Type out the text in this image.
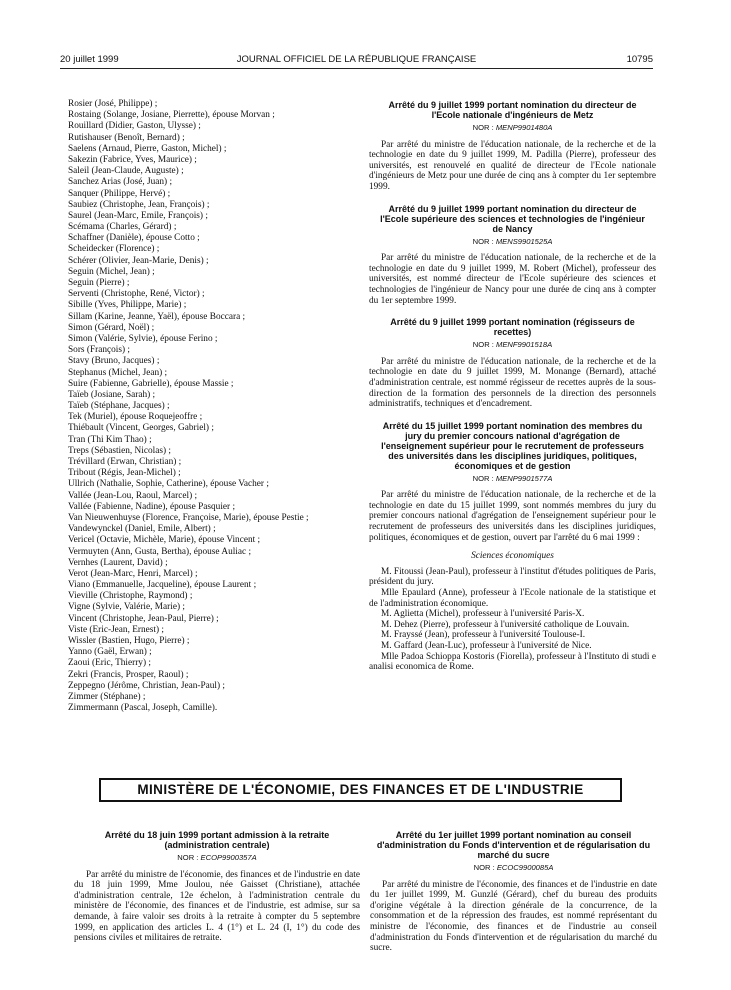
20 juillet 1999	JOURNAL OFFICIEL DE LA RÉPUBLIQUE FRANÇAISE	10795
Rosier (José, Philippe) ;
Rostaing (Solange, Josiane, Pierrette), épouse Morvan ;
Rouillard (Didier, Gaston, Ulysse) ;
Rutishauser (Benoît, Bernard) ;
Saelens (Arnaud, Pierre, Gaston, Michel) ;
Sakezin (Fabrice, Yves, Maurice) ;
Saleil (Jean-Claude, Auguste) ;
Sanchez Arias (José, Juan) ;
Sanquer (Philippe, Hervé) ;
Saubiez (Christophe, Jean, François) ;
Saurel (Jean-Marc, Emile, François) ;
Scémama (Charles, Gérard) ;
Schaffner (Danièle), épouse Cotto ;
Scheidecker (Florence) ;
Schérer (Olivier, Jean-Marie, Denis) ;
Seguin (Michel, Jean) ;
Seguin (Pierre) ;
Serventi (Christophe, René, Victor) ;
Sibille (Yves, Philippe, Marie) ;
Sillam (Karine, Jeanne, Yaël), épouse Boccara ;
Simon (Gérard, Noël) ;
Simon (Valérie, Sylvie), épouse Ferino ;
Sors (François) ;
Stavy (Bruno, Jacques) ;
Stephanus (Michel, Jean) ;
Suire (Fabienne, Gabrielle), épouse Massie ;
Taïeb (Josiane, Sarah) ;
Taïeb (Stéphane, Jacques) ;
Tek (Muriel), épouse Roquejeoffre ;
Thiébault (Vincent, Georges, Gabriel) ;
Tran (Thi Kim Thao) ;
Treps (Sébastien, Nicolas) ;
Trévillard (Erwan, Christian) ;
Tribout (Régis, Jean-Michel) ;
Ullrich (Nathalie, Sophie, Catherine), épouse Vacher ;
Vallée (Jean-Lou, Raoul, Marcel) ;
Vallée (Fabienne, Nadine), épouse Pasquier ;
Van Nieuwenhuyse (Florence, Françoise, Marie), épouse Pestie ;
Vandewynckel (Daniel, Emile, Albert) ;
Vericel (Octavie, Michèle, Marie), épouse Vincent ;
Vermuyten (Ann, Gusta, Bertha), épouse Auliac ;
Vernhes (Laurent, David) ;
Verot (Jean-Marc, Henri, Marcel) ;
Viano (Emmanuelle, Jacqueline), épouse Laurent ;
Vieville (Christophe, Raymond) ;
Vigne (Sylvie, Valérie, Marie) ;
Vincent (Christophe, Jean-Paul, Pierre) ;
Viste (Eric-Jean, Ernest) ;
Wissler (Bastien, Hugo, Pierre) ;
Yanno (Gaël, Erwan) ;
Zaoui (Eric, Thierry) ;
Zekri (Francis, Prosper, Raoul) ;
Zeppegno (Jérôme, Christian, Jean-Paul) ;
Zimmer (Stéphane) ;
Zimmermann (Pascal, Joseph, Camille).
Arrêté du 9 juillet 1999 portant nomination du directeur de l'Ecole nationale d'ingénieurs de Metz
NOR : MENP9901480A

Par arrêté du ministre de l'éducation nationale, de la recherche et de la technologie en date du 9 juillet 1999, M. Padilla (Pierre), professeur des universités, est renouvelé en qualité de directeur de l'Ecole nationale d'ingénieurs de Metz pour une durée de cinq ans à compter du 1er septembre 1999.

Arrêté du 9 juillet 1999 portant nomination du directeur de l'Ecole supérieure des sciences et technologies de l'ingénieur de Nancy
NOR : MENS9901525A

Par arrêté du ministre de l'éducation nationale, de la recherche et de la technologie en date du 9 juillet 1999, M. Robert (Michel), professeur des universités, est nommé directeur de l'Ecole supérieure des sciences et technologies de l'ingénieur de Nancy pour une durée de cinq ans à compter du 1er septembre 1999.

Arrêté du 9 juillet 1999 portant nomination (régisseurs de recettes)
NOR : MENF9901518A

Par arrêté du ministre de l'éducation nationale, de la recherche et de la technologie en date du 9 juillet 1999, M. Monange (Bernard), attaché d'administration centrale, est nommé régisseur de recettes auprès de la sous-direction de la formation des personnels de la direction des personnels administratifs, techniques et d'encadrement.

Arrêté du 15 juillet 1999 portant nomination des membres du jury du premier concours national d'agrégation de l'enseignement supérieur pour le recrutement de professeurs des universités dans les disciplines juridiques, politiques, économiques et de gestion
NOR : MENP9901577A

Par arrêté du ministre de l'éducation nationale, de la recherche et de la technologie en date du 15 juillet 1999, sont nommés membres du jury du premier concours national d'agrégation de l'enseignement supérieur pour le recrutement de professeurs des universités dans les disciplines juridiques, politiques, économiques et de gestion, ouvert par l'arrêté du 6 mai 1999 :

Sciences économiques

M. Fitoussi (Jean-Paul), professeur à l'institut d'études politiques de Paris, président du jury.

Mlle Epaulard (Anne), professeur à l'Ecole nationale de la statistique et de l'administration économique.

M. Aglietta (Michel), professeur à l'université Paris-X.

M. Dehez (Pierre), professeur à l'université catholique de Louvain.

M. Frayssé (Jean), professeur à l'université Toulouse-I.

M. Gaffard (Jean-Luc), professeur à l'université de Nice.

Mlle Padoa Schioppa Kostoris (Fiorella), professeur à l'Instituto di studi e analisi economica de Rome.

MINISTÈRE DE L'ÉCONOMIE, DES FINANCES ET DE L'INDUSTRIE
Arrêté du 18 juin 1999 portant admission à la retraite (administration centrale)
NOR : ECOP9900357A

Par arrêté du ministre de l'économie, des finances et de l'industrie en date du 18 juin 1999, Mme Joulou, née Gaisset (Christiane), attachée d'administration centrale, 12e échelon, à l'administration centrale du ministère de l'économie, des finances et de l'industrie, est admise, sur sa demande, à faire valoir ses droits à la retraite à compter du 5 septembre 1999, en application des articles L. 4 (1°) et L. 24 (I, 1°) du code des pensions civiles et militaires de retraite.

Arrêté du 1er juillet 1999 portant nomination au conseil d'administration du Fonds d'intervention et de régularisation du marché du sucre
NOR : ECOC9900085A

Par arrêté du ministre de l'économie, des finances et de l'industrie en date du 1er juillet 1999, M. Gunzlé (Gérard), chef du bureau des produits d'origine végétale à la direction générale de la concurrence, de la consommation et de la répression des fraudes, est nommé représentant du ministre de l'économie, des finances et de l'industrie au conseil d'administration du Fonds d'intervention et de régularisation du marché du sucre.
